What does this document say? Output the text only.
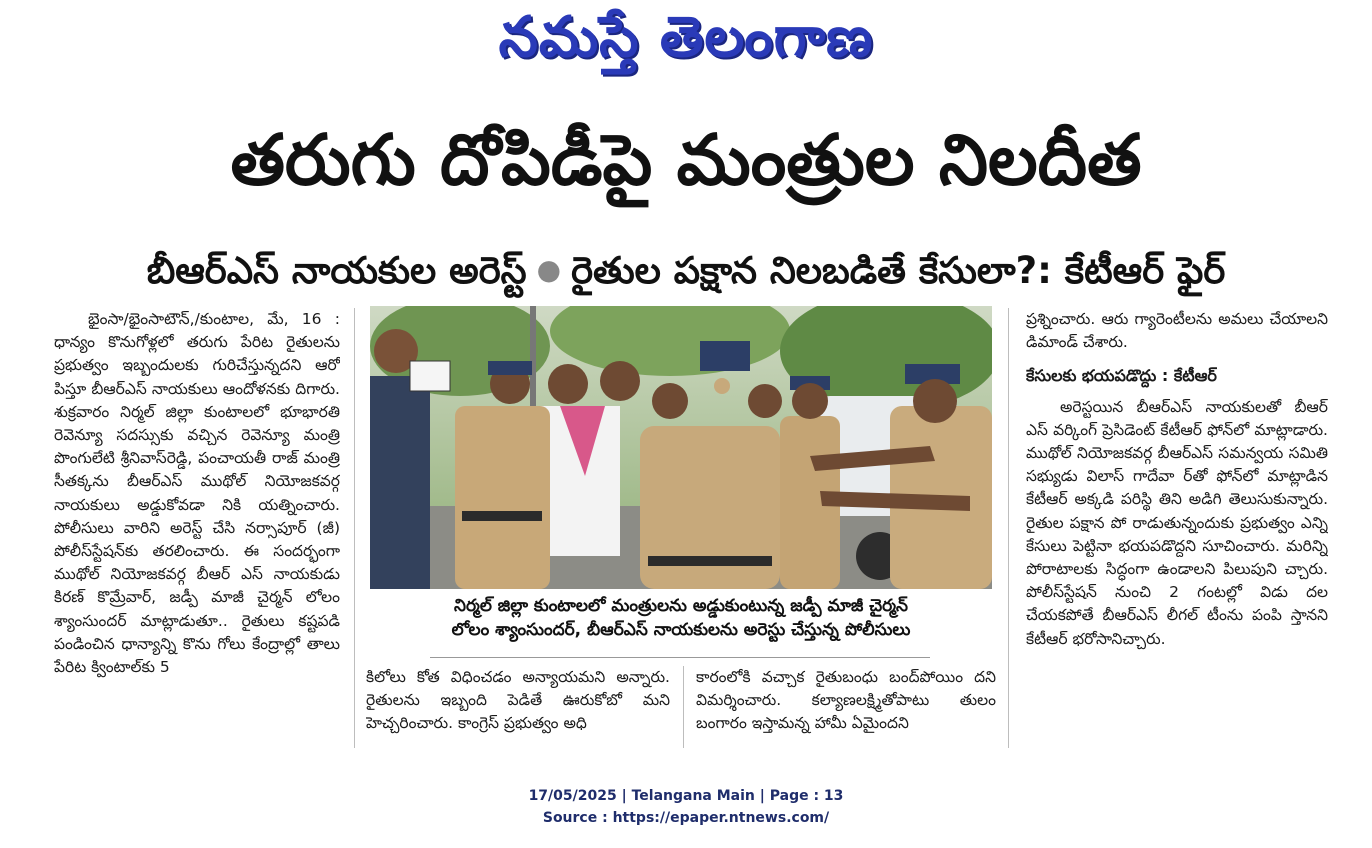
నమస్తే తెలంగాణ
తరుగు దోపిడీపై మంత్రుల నిలదీత
బీఆర్ఎస్ నాయకుల అరెస్ట్ ● రైతుల పక్షాన నిలబడితే కేసులా?: కేటీఆర్ ఫైర్

భైంసా/భైంసాటౌన్,/కుంటాల, మే, 16 : ధాన్యం కొనుగోళ్లలో తరుగు పేరిట రైతులను ప్రభుత్వం ఇబ్బందులకు గురిచేస్తున్నదని ఆరో పిస్తూ బీఆర్ఎస్ నాయకులు ఆందోళనకు దిగారు. శుక్రవారం నిర్మల్ జిల్లా కుంటాలలో భూభారతి రెవెన్యూ సదస్సుకు వచ్చిన రెవెన్యూ మంత్రి పొంగులేటి శ్రీనివాస్‌రెడ్డి, పంచాయతీ రాజ్ మంత్రి సీతక్కను బీఆర్ఎస్ ముథోల్ నియోజకవర్గ నాయకులు అడ్డుకోవడా నికి యత్నించారు. పోలీసులు వారిని అరెస్ట్ చేసి నర్సాపూర్ (జీ) పోలీస్‌స్టేషన్‌కు తరలించారు. ఈ సందర్భంగా ముథోల్ నియోజకవర్గ బీఆర్ ఎస్ నాయకుడు కిరణ్ కొమ్రేవార్, జడ్పీ మాజీ చైర్మన్ లోలం శ్యాంసుందర్ మాట్లాడుతూ.. రైతులు కష్టపడి పండించిన ధాన్యాన్ని కొను గోలు కేంద్రాల్లో తాలు పేరిట క్వింటాల్‌కు 5

నిర్మల్ జిల్లా కుంటాలలో మంత్రులను అడ్డుకుంటున్న జడ్పీ మాజీ చైర్మన్
లోలం శ్యాంసుందర్, బీఆర్ఎస్ నాయకులను అరెస్టు చేస్తున్న పోలీసులు

కిలోలు కోత విధించడం అన్యాయమని అన్నారు. రైతులను ఇబ్బంది పెడితే ఊరుకోబో మని హెచ్చరించారు. కాంగ్రెస్ ప్రభుత్వం అధి

కారంలోకి వచ్చాక రైతుబంధు బంద్‌పోయిం దని విమర్శించారు. కల్యాణలక్ష్మితోపాటు తులం బంగారం ఇస్తామన్న హామీ ఏమైందని

ప్రశ్నించారు. ఆరు గ్యారెంటీలను అమలు చేయాలని డిమాండ్ చేశారు.

కేసులకు భయపడొద్దు : కేటీఆర్

అరెస్టయిన బీఆర్ఎస్ నాయకులతో బీఆర్ ఎస్ వర్కింగ్ ప్రెసిడెంట్ కేటీఆర్ ఫోన్‌లో మాట్లాడారు. ముథోల్ నియోజకవర్గ బీఆర్ఎస్ సమన్వయ సమితి సభ్యుడు విలాస్ గాదేవా ర్‌తో ఫోన్‌లో మాట్లాడిన కేటీఆర్ అక్కడి పరిస్థి తిని అడిగి తెలుసుకున్నారు. రైతుల పక్షాన పో రాడుతున్నందుకు ప్రభుత్వం ఎన్ని కేసులు పెట్టినా భయపడొద్దని సూచించారు. మరిన్ని పోరాటాలకు సిద్ధంగా ఉండాలని పిలుపుని చ్చారు. పోలీస్‌స్టేషన్ నుంచి 2 గంటల్లో విడు దల చేయకపోతే బీఆర్ఎస్ లీగల్ టీంను పంపి స్తానని కేటీఆర్ భరోసానిచ్చారు.

17/05/2025 | Telangana Main | Page : 13
Source : https://epaper.ntnews.com/
